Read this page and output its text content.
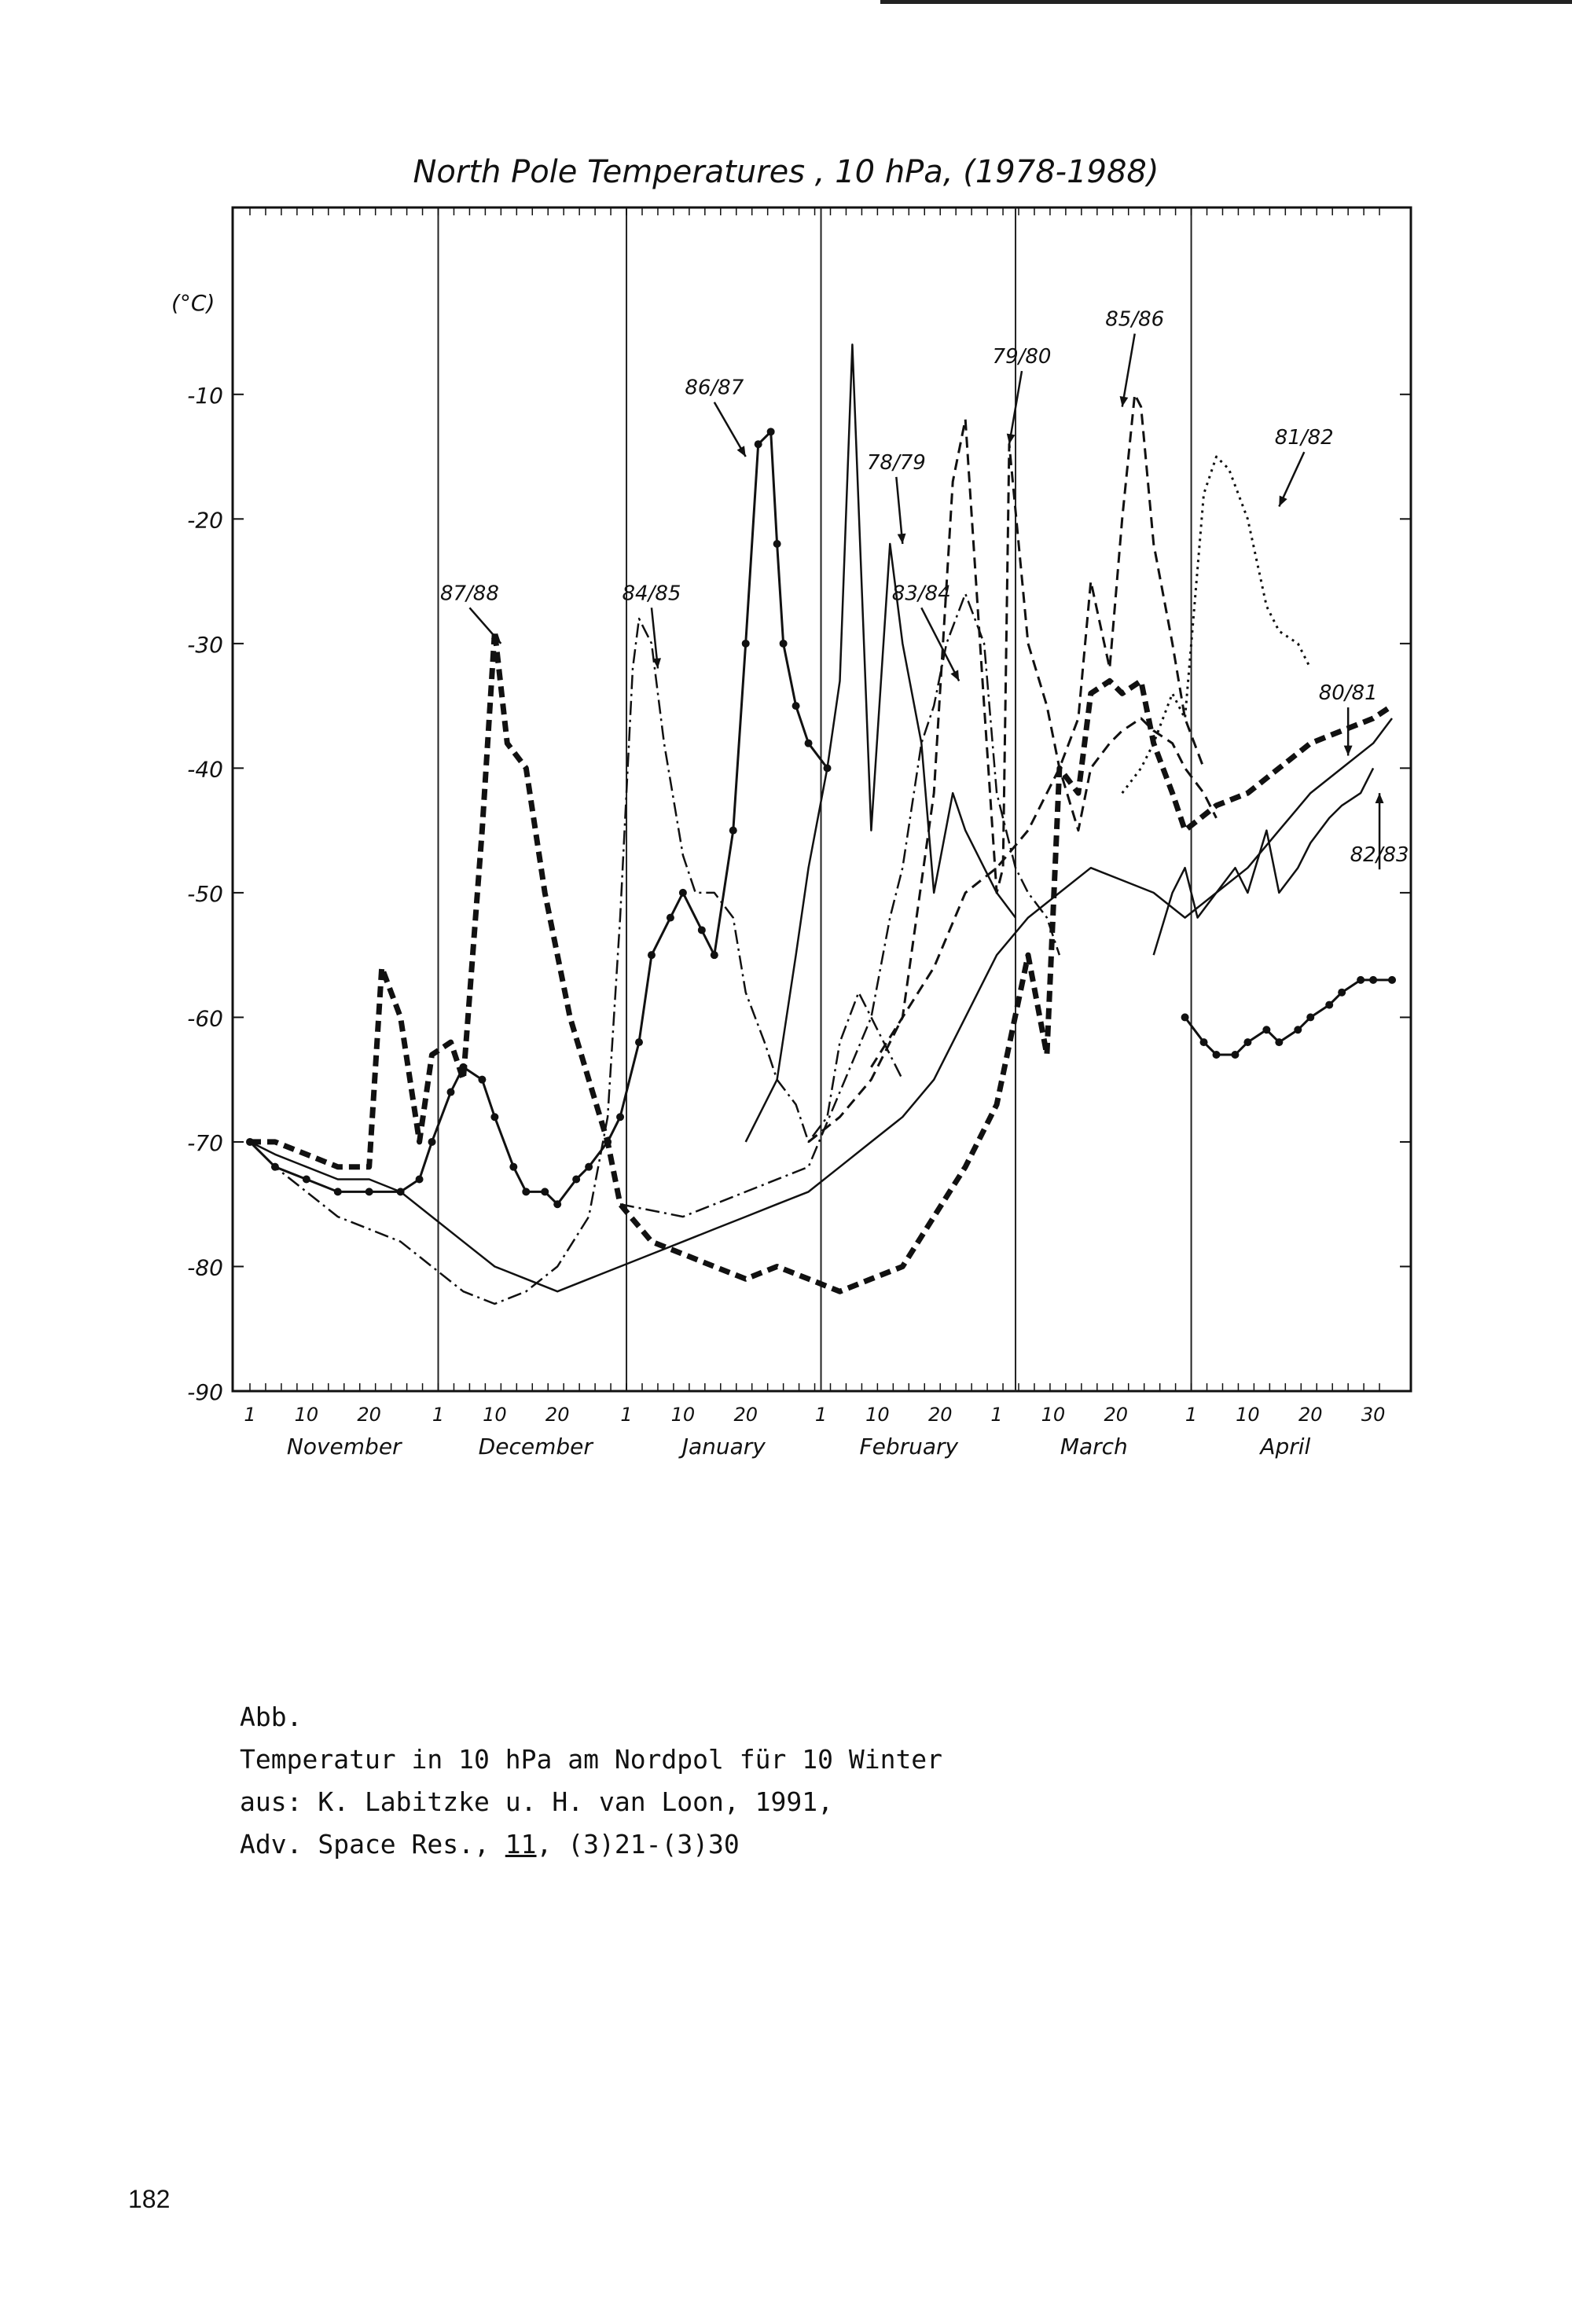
-90
-80
-70
-60
-50
-40
-30
-20
-10
(°C)
1 10 20
November
1 10 20
December
1 10 20
January
1 10 20
February
1 10 20
March
1 10 20 30
April
87/88
86/87
84/85
78/79
83/84
79/80
85/86
81/82
80/81
82/83
North Pole Temperatures , 10 hPa, (1978-1988)
Abb.
Temperatur in 10 hPa am Nordpol für 10 Winter
aus: K. Labitzke u. H. van Loon, 1991,
Adv. Space Res., 11, (3)21-(3)30
182
